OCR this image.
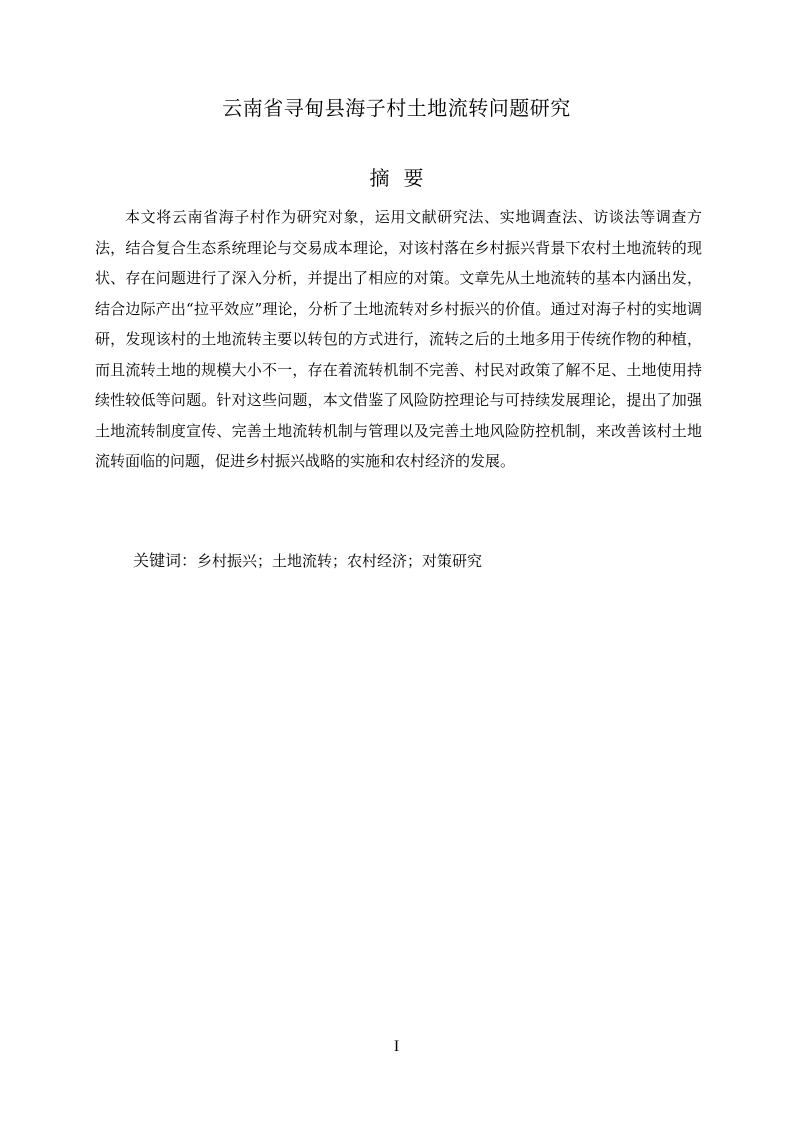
云南省寻甸县海子村土地流转问题研究
摘要

本文将云南省海子村作为研究对象，运用文献研究法、实地调查法、访谈法等调查方法，结合复合生态系统理论与交易成本理论，对该村落在乡村振兴背景下农村土地流转的现状、存在问题进行了深入分析，并提出了相应的对策。文章先从土地流转的基本内涵出发，结合边际产出“拉平效应”理论，分析了土地流转对乡村振兴的价值。通过对海子村的实地调研，发现该村的土地流转主要以转包的方式进行，流转之后的土地多用于传统作物的种植，而且流转土地的规模大小不一，存在着流转机制不完善、村民对政策了解不足、土地使用持续性较低等问题。针对这些问题，本文借鉴了风险防控理论与可持续发展理论，提出了加强土地流转制度宣传、完善土地流转机制与管理以及完善土地风险防控机制，来改善该村土地流转面临的问题，促进乡村振兴战略的实施和农村经济的发展。

关键词：乡村振兴；土地流转；农村经济；对策研究
I
